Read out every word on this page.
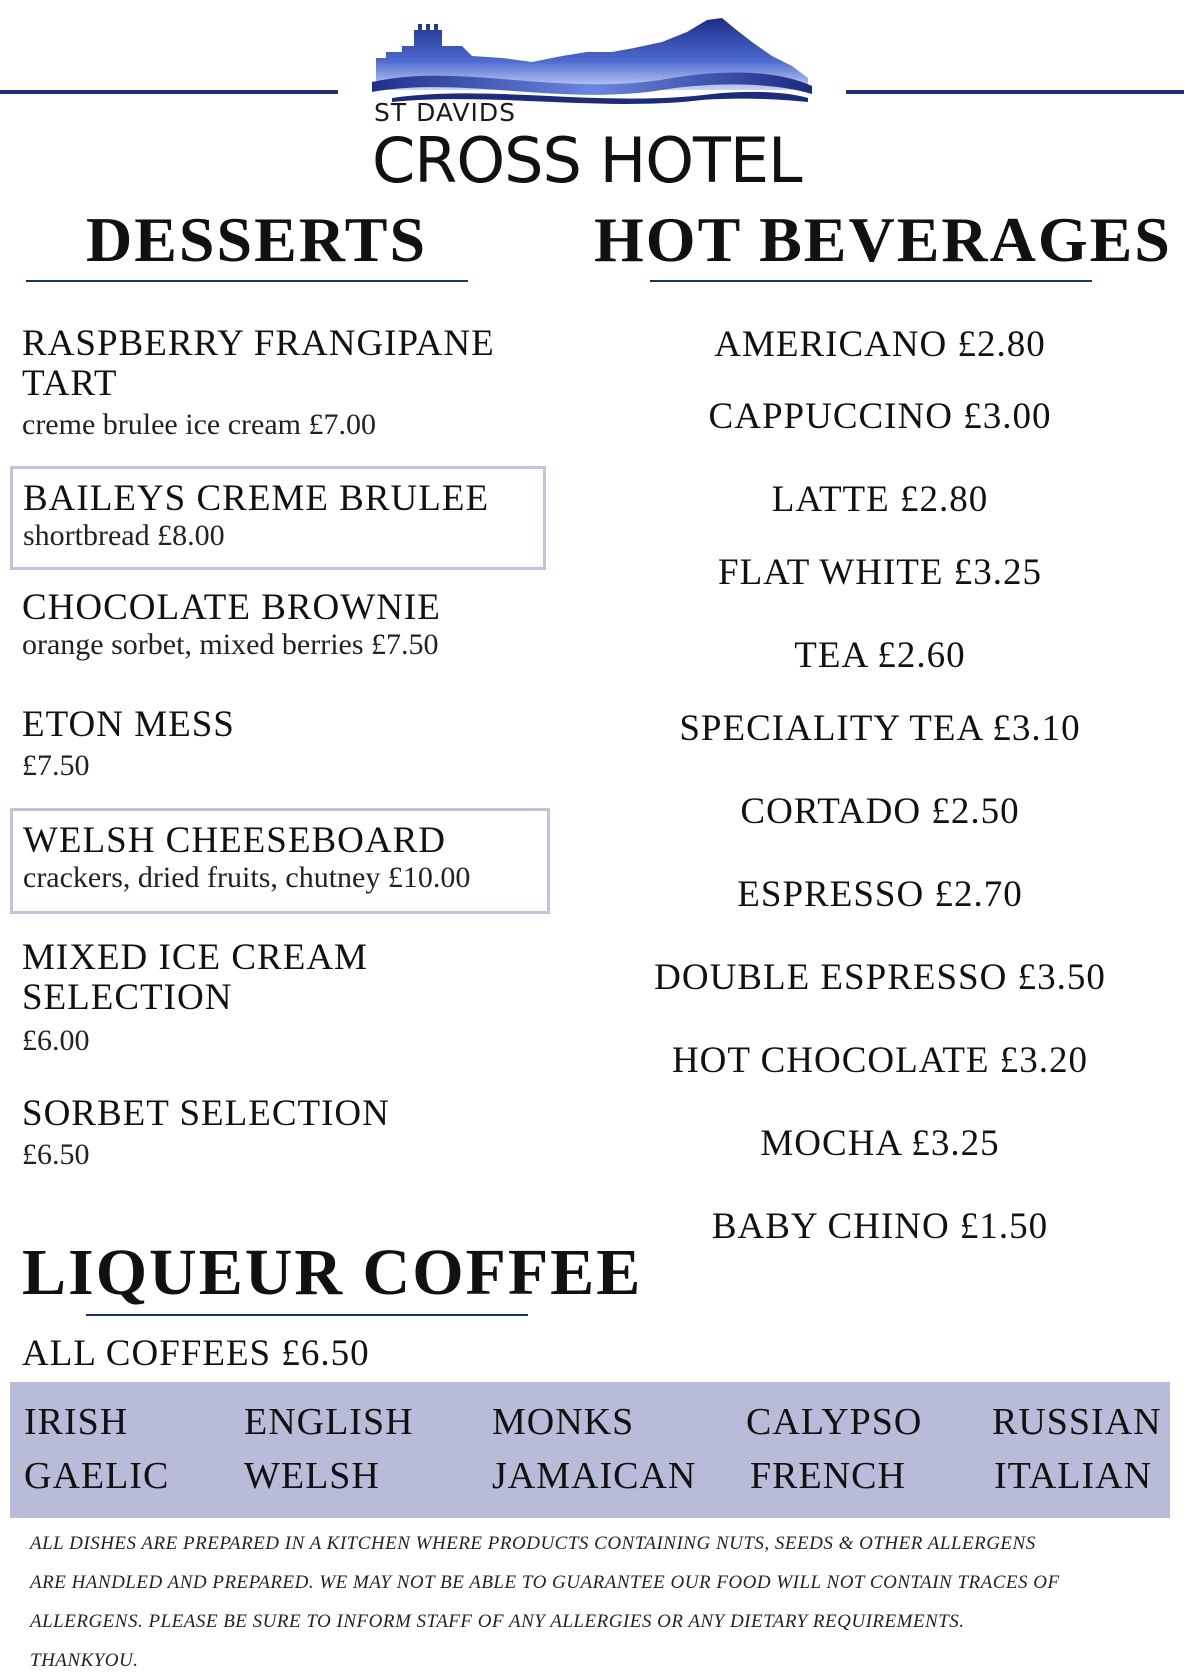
ST DAVIDS
CROSS HOTEL
DESSERTS
RASPBERRY FRANGIPANE TART
creme brulee ice cream £7.00
BAILEYS CREME BRULEE
shortbread £8.00
CHOCOLATE BROWNIE
orange sorbet, mixed berries £7.50
ETON MESS
£7.50
WELSH CHEESEBOARD
crackers, dried fruits, chutney £10.00
MIXED ICE CREAM SELECTION
£6.00
SORBET SELECTION
£6.50
HOT BEVERAGES
AMERICANO £2.80
CAPPUCCINO £3.00
LATTE £2.80
FLAT WHITE £3.25
TEA £2.60
SPECIALITY TEA £3.10
CORTADO £2.50
ESPRESSO £2.70
DOUBLE ESPRESSO £3.50
HOT CHOCOLATE £3.20
MOCHA £3.25
BABY CHINO £1.50
LIQUEUR COFFEE
ALL COFFEES £6.50
IRISH	ENGLISH MONKS	CALYPSO RUSSIAN
GAELIC WELSH	JAMAICAN FRENCH ITALIAN
ALL DISHES ARE PREPARED IN A KITCHEN WHERE PRODUCTS CONTAINING NUTS, SEEDS & OTHER ALLERGENS
ARE HANDLED AND PREPARED. WE MAY NOT BE ABLE TO GUARANTEE OUR FOOD WILL NOT CONTAIN TRACES OF
ALLERGENS. PLEASE BE SURE TO INFORM STAFF OF ANY ALLERGIES OR ANY DIETARY REQUIREMENTS.
THANKYOU.
